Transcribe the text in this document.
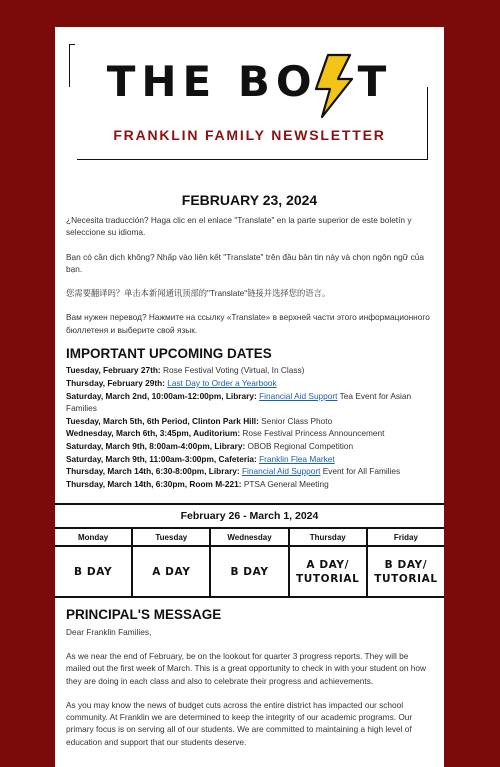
THE BO T
FRANKLIN FAMILY NEWSLETTER
FEBRUARY 23, 2024

¿Necesita traducción? Haga clic en el enlace "Translate" en la parte superior de este boletín y seleccione su idioma.

Bạn có cần dịch không? Nhấp vào liên kết "Translate" trên đầu bản tin này và chọn ngôn ngữ của bạn.

您需要翻译吗？单击本新闻通讯顶部的"Translate"链接并选择您的语言。

Вам нужен перевод? Нажмите на ссылку «Translate» в верхней части этого информационного бюллетеня и выберите свой язык.

IMPORTANT UPCOMING DATES
Tuesday, February 27th: Rose Festival Voting (Virtual, In Class)
Thursday, February 29th: Last Day to Order a Yearbook
Saturday, March 2nd, 10:00am-12:00pm, Library: Financial Aid Support Tea Event for Asian Families
Tuesday, March 5th, 6th Period, Clinton Park Hill: Senior Class Photo
Wednesday, March 6th, 3:45pm, Auditorium: Rose Festival Princess Announcement
Saturday, March 9th, 8:00am-4:00pm, Library: OBOB Regional Competition
Saturday, March 9th, 11:00am-3:00pm, Cafeteria: Franklin Flea Market
Thursday, March 14th, 6:30-8:00pm, Library: Financial Aid Support Event for All Families
Thursday, March 14th, 6:30pm, Room M-221: PTSA General Meeting
February 26 - March 1, 2024
Monday
B DAY
Tuesday
A DAY
Wednesday
B DAY
Thursday
A DAY/
TUTORIAL
Friday
B DAY/
TUTORIAL
PRINCIPAL'S MESSAGE

Dear Franklin Families,

As we near the end of February, be on the lookout for quarter 3 progress reports. They will be mailed out the first week of March. This is a great opportunity to check in with your student on how they are doing in each class and also to celebrate their progress and achievements.

As you may know the news of budget cuts across the entire district has impacted our school community. At Franklin we are determined to keep the integrity of our academic programs. Our primary focus is on serving all of our students. We are committed to maintaining a high level of education and support that our students deserve.
